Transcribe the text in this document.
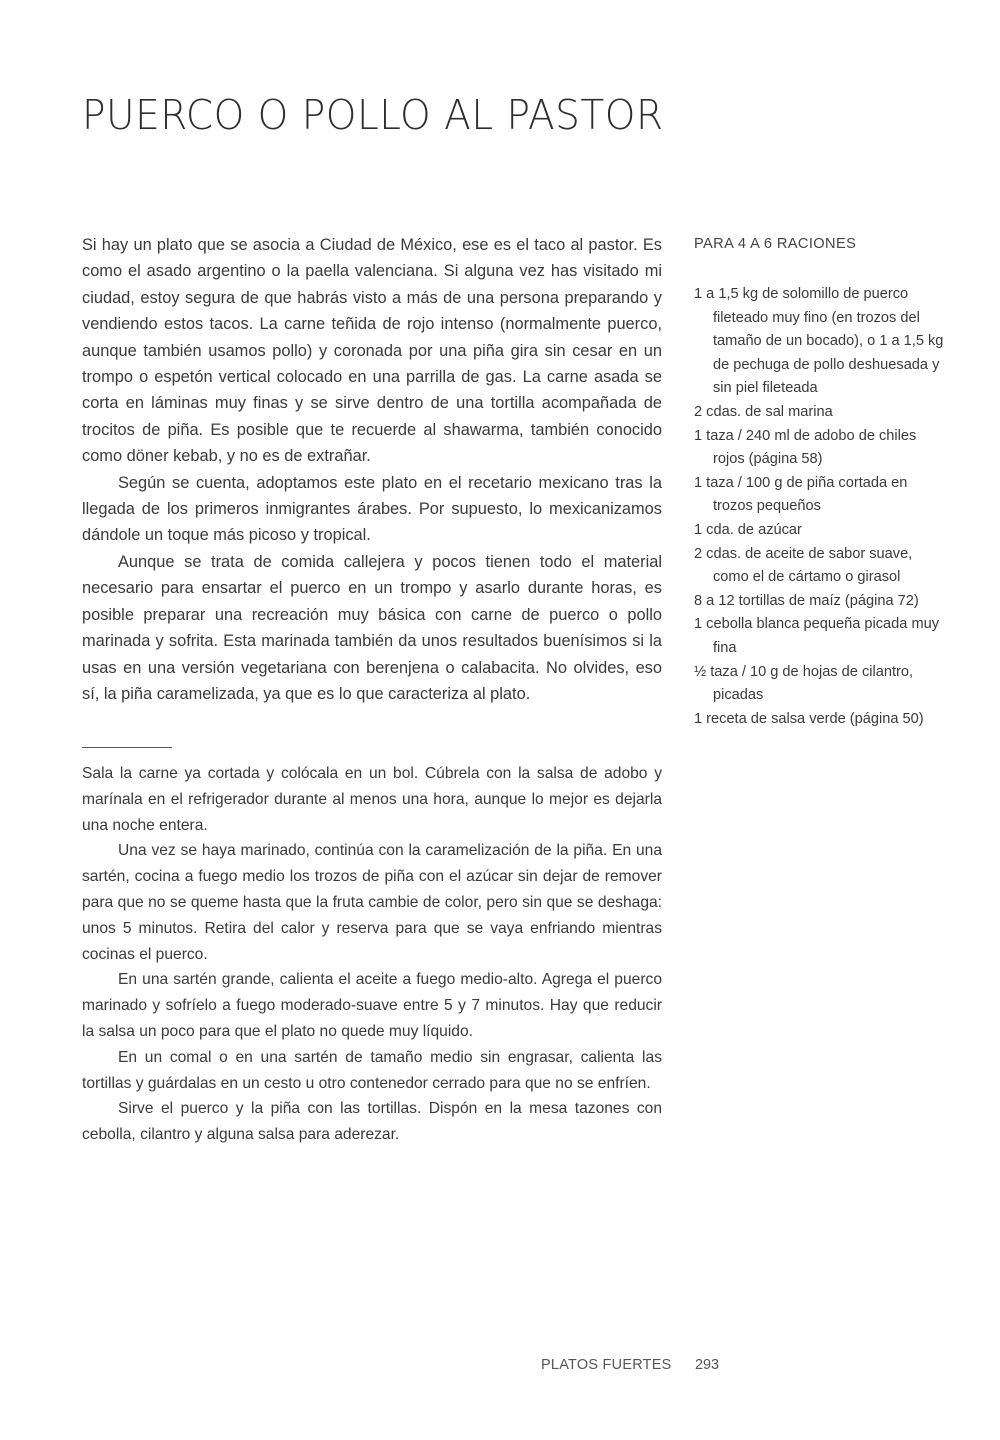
PUERCO O POLLO AL PASTOR

Si hay un plato que se asocia a Ciudad de México, ese es el taco al pastor. Es como el asado argentino o la paella valenciana. Si alguna vez has visitado mi ciudad, estoy segura de que habrás visto a más de una persona preparando y vendiendo estos tacos. La carne teñida de rojo intenso (normalmente puerco, aunque también usamos pollo) y coronada por una piña gira sin cesar en un trompo o espetón vertical colocado en una parrilla de gas. La carne asada se corta en láminas muy finas y se sirve dentro de una tortilla acompañada de trocitos de piña. Es posible que te recuerde al shawarma, también conocido como döner kebab, y no es de extrañar.

Según se cuenta, adoptamos este plato en el recetario mexicano tras la llegada de los primeros inmigrantes árabes. Por supuesto, lo mexicanizamos dándole un toque más picoso y tropical.

Aunque se trata de comida callejera y pocos tienen todo el material necesario para ensartar el puerco en un trompo y asarlo durante horas, es posible preparar una recreación muy básica con carne de puerco o pollo marinada y sofrita. Esta marinada también da unos resultados buenísimos si la usas en una versión vegetariana con berenjena o calabacita. No olvides, eso sí, la piña caramelizada, ya que es lo que caracteriza al plato.

Sala la carne ya cortada y colócala en un bol. Cúbrela con la salsa de adobo y marínala en el refrigerador durante al menos una hora, aunque lo mejor es dejarla una noche entera.

Una vez se haya marinado, continúa con la caramelización de la piña. En una sartén, cocina a fuego medio los trozos de piña con el azúcar sin dejar de remover para que no se queme hasta que la fruta cambie de color, pero sin que se deshaga: unos 5 minutos. Retira del calor y reserva para que se vaya enfriando mientras cocinas el puerco.

En una sartén grande, calienta el aceite a fuego medio-alto. Agrega el puerco marinado y sofríelo a fuego moderado-suave entre 5 y 7 minutos. Hay que reducir la salsa un poco para que el plato no quede muy líquido.

En un comal o en una sartén de tamaño medio sin engrasar, calienta las tortillas y guárdalas en un cesto u otro contenedor cerrado para que no se enfríen.

Sirve el puerco y la piña con las tortillas. Dispón en la mesa tazones con cebolla, cilantro y alguna salsa para aderezar.

PARA 4 A 6 RACIONES

1 a 1,5 kg de solomillo de puerco fileteado muy fino (en trozos del tamaño de un bocado), o 1 a 1,5 kg de pechuga de pollo deshuesada y sin piel fileteada
2 cdas. de sal marina
1 taza / 240 ml de adobo de chiles rojos (página 58)
1 taza / 100 g de piña cortada en trozos pequeños
1 cda. de azúcar
2 cdas. de aceite de sabor suave, como el de cártamo o girasol
8 a 12 tortillas de maíz (página 72)
1 cebolla blanca pequeña picada muy fina
½ taza / 10 g de hojas de cilantro, picadas
1 receta de salsa verde (página 50)
PLATOS FUERTES 293
